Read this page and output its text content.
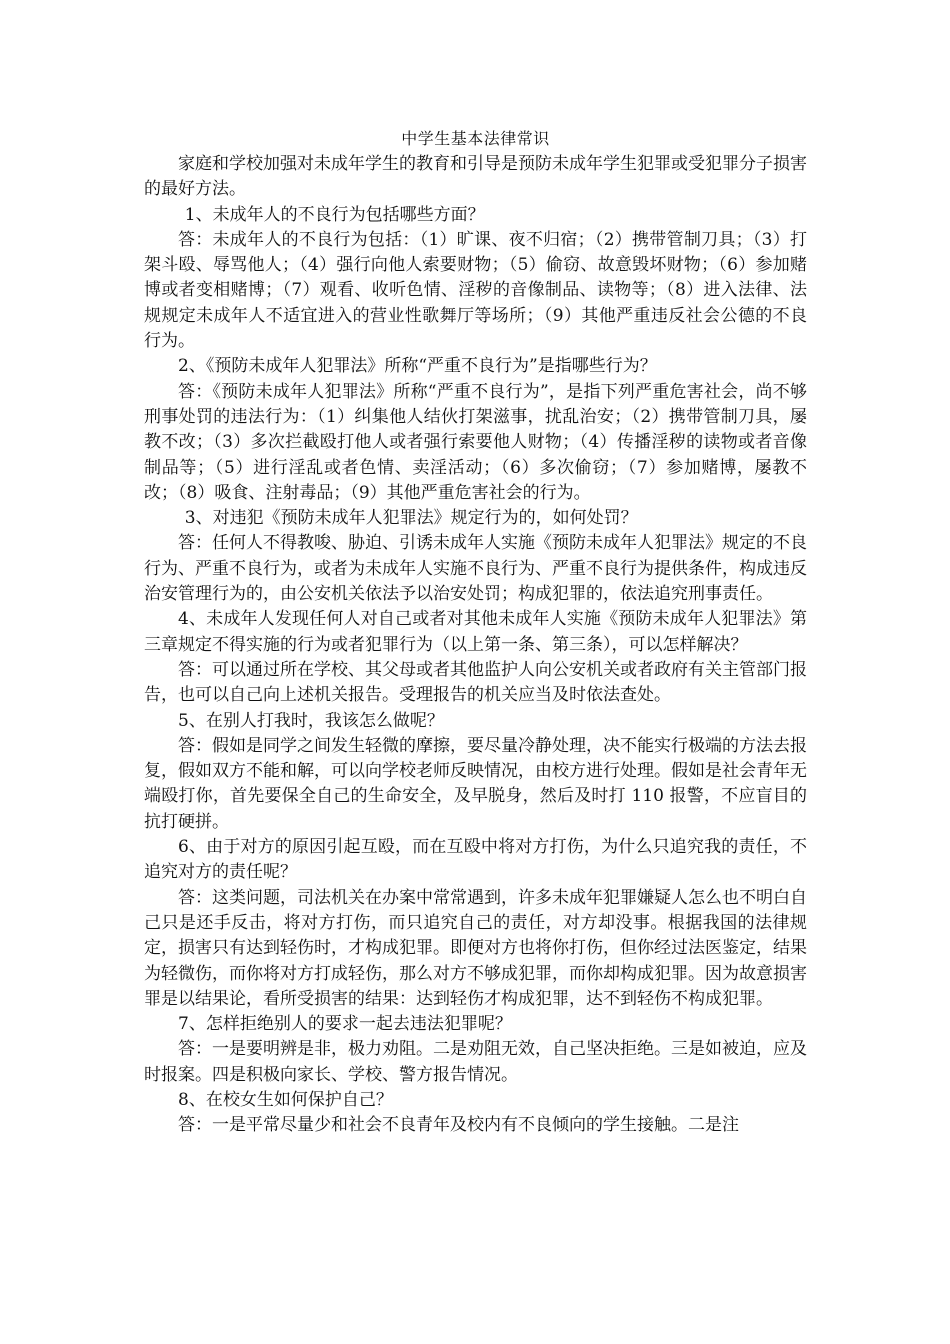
中学生基本法律常识

家庭和学校加强对未成年学生的教育和引导是预防未成年学生犯罪或受犯罪分子损害的最好方法。

1、未成年人的不良行为包括哪些方面？

答：未成年人的不良行为包括：（1）旷课、夜不归宿；（2）携带管制刀具；（3）打架斗殴、辱骂他人；（4）强行向他人索要财物；（5）偷窃、故意毁坏财物；（6）参加赌博或者变相赌博；（7）观看、收听色情、淫秽的音像制品、读物等；（8）进入法律、法规规定未成年人不适宜进入的营业性歌舞厅等场所；（9）其他严重违反社会公德的不良行为。

2、《预防未成年人犯罪法》所称“严重不良行为”是指哪些行为？

答：《预防未成年人犯罪法》所称“严重不良行为”，是指下列严重危害社会，尚不够刑事处罚的违法行为：（1）纠集他人结伙打架滋事，扰乱治安；（2）携带管制刀具，屡教不改；（3）多次拦截殴打他人或者强行索要他人财物；（4）传播淫秽的读物或者音像制品等；（5）进行淫乱或者色情、卖淫活动；（6）多次偷窃；（7）参加赌博，屡教不改；（8）吸食、注射毒品；（9）其他严重危害社会的行为。

3、对违犯《预防未成年人犯罪法》规定行为的，如何处罚？

答：任何人不得教唆、胁迫、引诱未成年人实施《预防未成年人犯罪法》规定的不良行为、严重不良行为，或者为未成年人实施不良行为、严重不良行为提供条件，构成违反治安管理行为的，由公安机关依法予以治安处罚；构成犯罪的，依法追究刑事责任。

4、未成年人发现任何人对自己或者对其他未成年人实施《预防未成年人犯罪法》第三章规定不得实施的行为或者犯罪行为（以上第一条、第三条），可以怎样解决？

答：可以通过所在学校、其父母或者其他监护人向公安机关或者政府有关主管部门报告，也可以自己向上述机关报告。受理报告的机关应当及时依法查处。

5、在别人打我时，我该怎么做呢？

答：假如是同学之间发生轻微的摩擦，要尽量冷静处理，决不能实行极端的方法去报复，假如双方不能和解，可以向学校老师反映情况，由校方进行处理。假如是社会青年无端殴打你，首先要保全自己的生命安全，及早脱身，然后及时打 110 报警，不应盲目的抗打硬拼。

6、由于对方的原因引起互殴，而在互殴中将对方打伤，为什么只追究我的责任，不追究对方的责任呢？

答：这类问题，司法机关在办案中常常遇到，许多未成年犯罪嫌疑人怎么也不明白自己只是还手反击，将对方打伤，而只追究自己的责任，对方却没事。根据我国的法律规定，损害只有达到轻伤时，才构成犯罪。即便对方也将你打伤，但你经过法医鉴定，结果为轻微伤，而你将对方打成轻伤，那么对方不够成犯罪，而你却构成犯罪。因为故意损害罪是以结果论，看所受损害的结果：达到轻伤才构成犯罪，达不到轻伤不构成犯罪。

7、怎样拒绝别人的要求一起去违法犯罪呢？

答：一是要明辨是非，极力劝阻。二是劝阻无效，自己坚决拒绝。三是如被迫，应及时报案。四是积极向家长、学校、警方报告情况。

8、在校女生如何保护自己？

答：一是平常尽量少和社会不良青年及校内有不良倾向的学生接触。二是注
